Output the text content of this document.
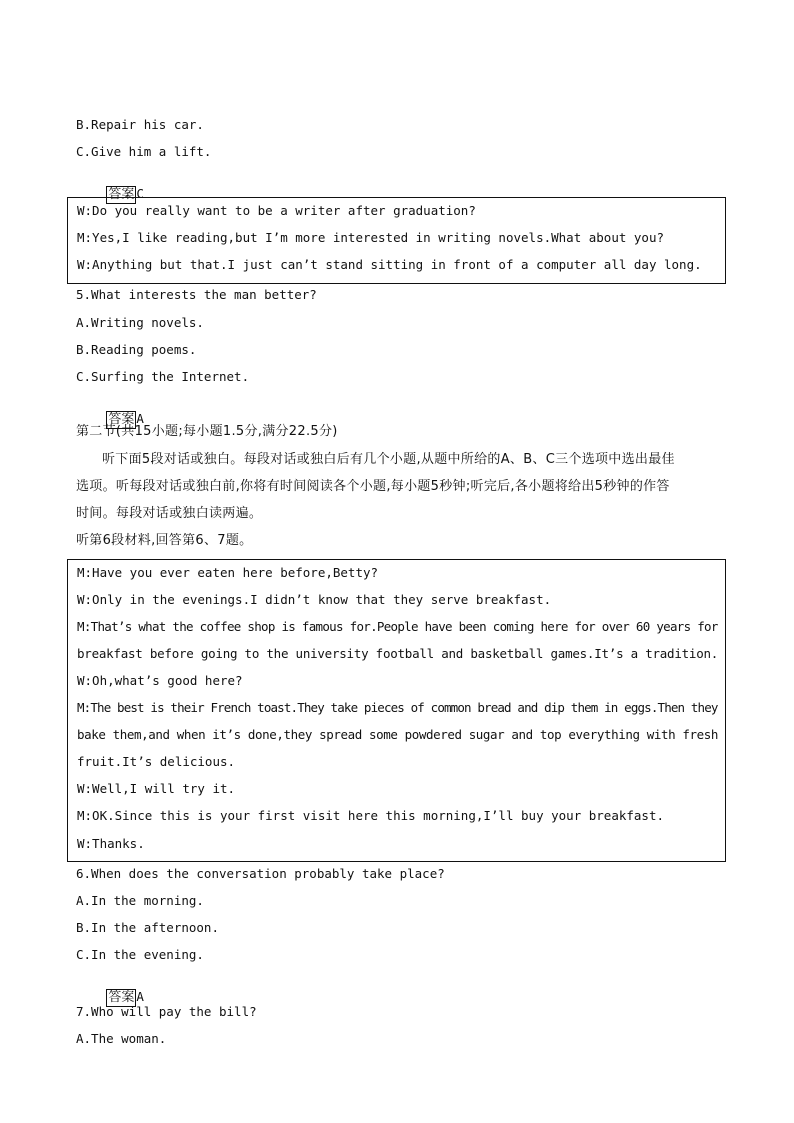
B.Repair his car.
C.Give him a lift.

答案 C

W:Do you really want to be a writer after graduation?
M:Yes,I like reading,but I’m more interested in writing novels.What about you?
W:Anything but that.I just can’t stand sitting in front of a computer all day long.
5.What interests the man better?
A.Writing novels.
B.Reading poems.
C.Surfing the Internet.

答案 A

第二节(共15小题;每小题1.5分,满分22.5分)
听下面5段对话或独白。每段对话或独白后有几个小题,从题中所给的A、B、C三个选项中选出最佳
选项。听每段对话或独白前,你将有时间阅读各个小题,每小题5秒钟;听完后,各小题将给出5秒钟的作答
时间。每段对话或独白读两遍。
听第6段材料,回答第6、7题。
M:Have you ever eaten here before,Betty?
W:Only in the evenings.I didn’t know that they serve breakfast.
M:That’s what the coffee shop is famous for.People have been coming here for over 60 years for
breakfast before going to the university football and basketball games.It’s a tradition.
W:Oh,what’s good here?
M:The best is their French toast.They take pieces of common bread and dip them in eggs.Then they
bake them,and when it’s done,they spread some powdered sugar and top everything with fresh
fruit.It’s delicious.
W:Well,I will try it.
M:OK.Since this is your first visit here this morning,I’ll buy your breakfast.
W:Thanks.
6.When does the conversation probably take place?
A.In the morning.
B.In the afternoon.
C.In the evening.

答案 A

7.Who will pay the bill?
A.The woman.
